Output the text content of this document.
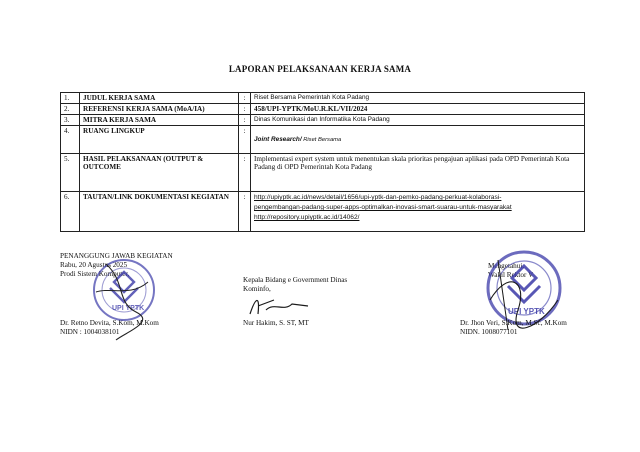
LAPORAN PELAKSANAAN KERJA SAMA
1.	JUDUL KERJA SAMA	:	Riset Bersama Pemerintah Kota Padang
2.	REFERENSI KERJA SAMA (MoA/IA)	:	458/UPI-YPTK/MoU.R.KL/VII/2024
3.	MITRA KERJA SAMA	:	Dinas Komunikasi dan Informatika Kota Padang
4.	RUANG LINGKUP	:	Joint Research/ Riset Bersama
5.	HASIL PELAKSANAAN (OUTPUT & OUTCOME	:	Implementasi expert system untuk menentukan skala prioritas pengajuan aplikasi pada OPD Pemerintah Kota Padang di OPD Pemerintah Kota Padang
6.	TAUTAN/LINK DOKUMENTASI KEGIATAN	:	http://upiyptk.ac.id/news/detail/1656/upi-yptk-dan-pemko-padang-perkuat-kolaborasi-
pengembangan-padang-super-apps-optimalkan-inovasi-smart-suarau-untuk-masyarakat
http://repository.upiyptk.ac.id/14062/
PENANGGUNG JAWAB KEGIATAN
Rabu, 20 Agustus 2025
Prodi Sistem Komputer,
Dr. Retno Devita, S.Kom, M.Kom
NIDN : 1004038101
UPI YPTK
Kepala Bidang e Government Dinas
Kominfo,
Nur Hakim, S. ST, MT
Mengetahui,
Wakil Rektor V
UPI YPTK
Dr. Jhon Veri, S.Kom, M.Sc, M.Kom
NIDN. 1008077101
